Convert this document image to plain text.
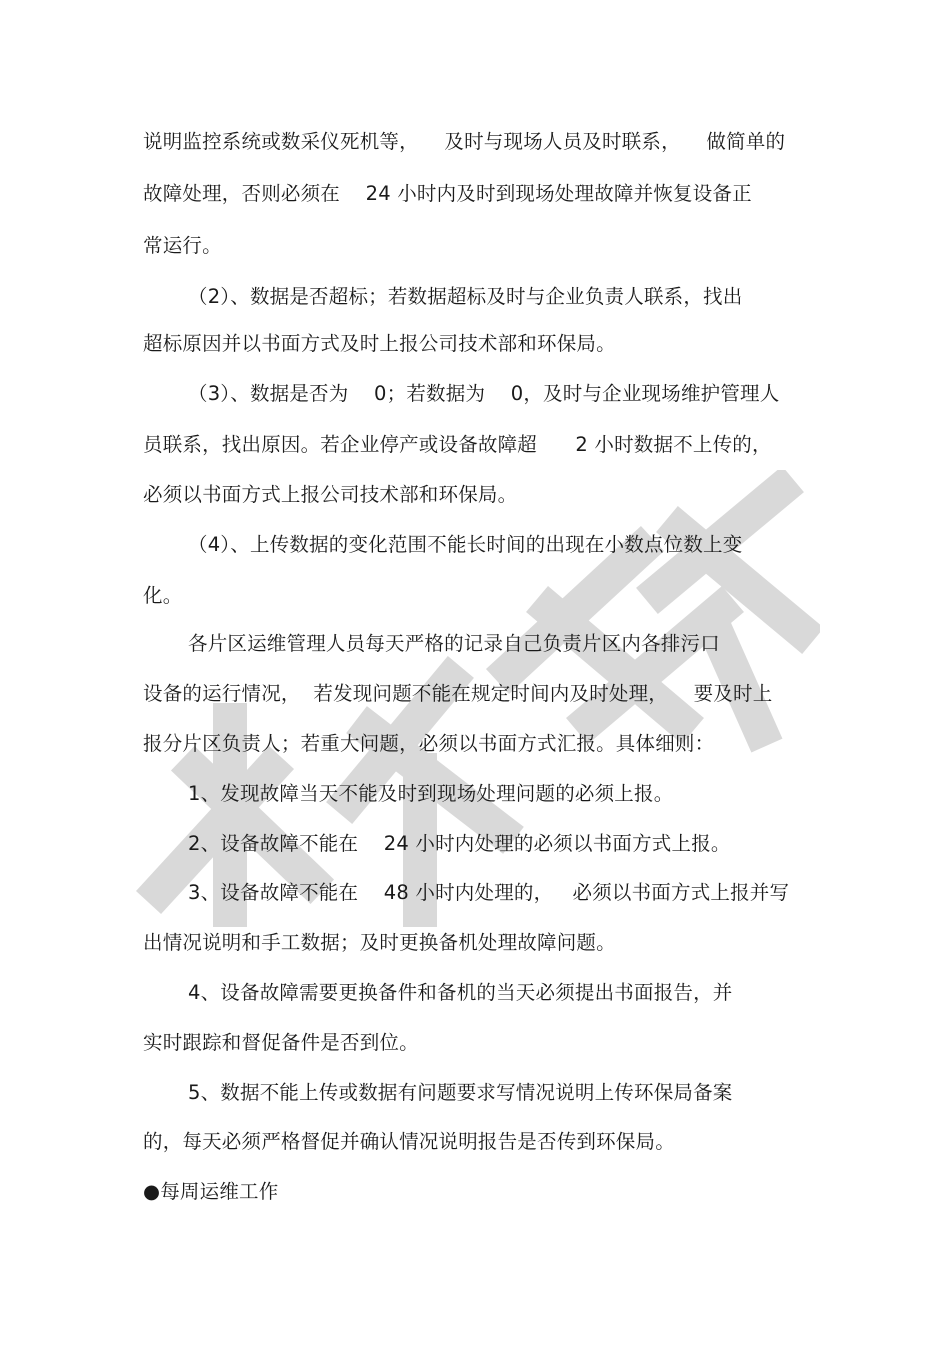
说明监控系统或数采仪死机等，    及时与现场人员及时联系，    做简单的
故障处理，否则必须在    24 小时内及时到现场处理故障并恢复设备正
常运行。
（2）、数据是否超标；若数据超标及时与企业负责人联系，找出
超标原因并以书面方式及时上报公司技术部和环保局。
（3）、数据是否为    0；若数据为    0，及时与企业现场维护管理人
员联系，找出原因。若企业停产或设备故障超      2 小时数据不上传的，
必须以书面方式上报公司技术部和环保局。
（4）、上传数据的变化范围不能长时间的出现在小数点位数上变
化。
各片区运维管理人员每天严格的记录自己负责片区内各排污口
设备的运行情况，  若发现问题不能在规定时间内及时处理，    要及时上
报分片区负责人；若重大问题，必须以书面方式汇报。具体细则：
1、发现故障当天不能及时到现场处理问题的必须上报。
2、设备故障不能在    24 小时内处理的必须以书面方式上报。
3、设备故障不能在    48 小时内处理的，   必须以书面方式上报并写
出情况说明和手工数据；及时更换备机处理故障问题。
4、设备故障需要更换备件和备机的当天必须提出书面报告，并
实时跟踪和督促备件是否到位。
5、数据不能上传或数据有问题要求写情况说明上传环保局备案
的，每天必须严格督促并确认情况说明报告是否传到环保局。
●每周运维工作
